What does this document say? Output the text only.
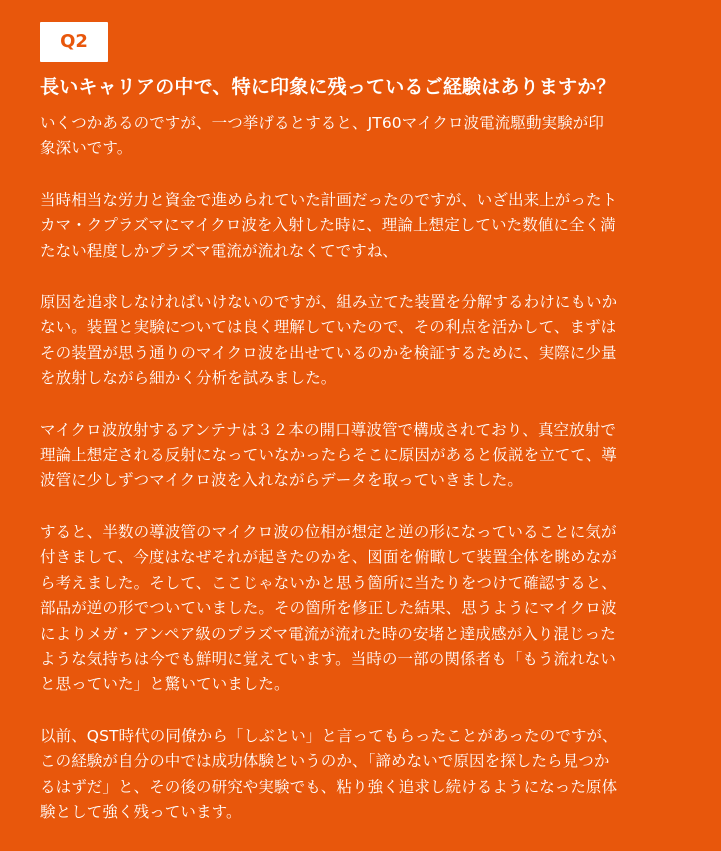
Q2
長いキャリアの中で、特に印象に残っているご経験はありますか？
いくつかあるのですが、一つ挙げるとすると、JT60マイクロ波電流駆動実験が印
象深いです。
当時相当な労力と資金で進められていた計画だったのですが、いざ出来上がったト
カマ・クプラズマにマイクロ波を入射した時に、理論上想定していた数値に全く満
たない程度しかプラズマ電流が流れなくてですね、
原因を追求しなければいけないのですが、組み立てた装置を分解するわけにもいか
ない。装置と実験については良く理解していたので、その利点を活かして、まずは
その装置が思う通りのマイクロ波を出せているのかを検証するために、実際に少量
を放射しながら細かく分析を試みました。
マイクロ波放射するアンテナは３２本の開口導波管で構成されており、真空放射で
理論上想定される反射になっていなかったらそこに原因があると仮説を立てて、導
波管に少しずつマイクロ波を入れながらデータを取っていきました。
すると、半数の導波管のマイクロ波の位相が想定と逆の形になっていることに気が
付きまして、今度はなぜそれが起きたのかを、図面を俯瞰して装置全体を眺めなが
ら考えました。そして、ここじゃないかと思う箇所に当たりをつけて確認すると、
部品が逆の形でついていました。その箇所を修正した結果、思うようにマイクロ波
によりメガ・アンペア級のプラズマ電流が流れた時の安堵と達成感が入り混じった
ような気持ちは今でも鮮明に覚えています。当時の一部の関係者も「もう流れない
と思っていた」と驚いていました。
以前、QST時代の同僚から「しぶとい」と言ってもらったことがあったのですが、
この経験が自分の中では成功体験というのか、「諦めないで原因を探したら見つか
るはずだ」と、その後の研究や実験でも、粘り強く追求し続けるようになった原体
験として強く残っています。
